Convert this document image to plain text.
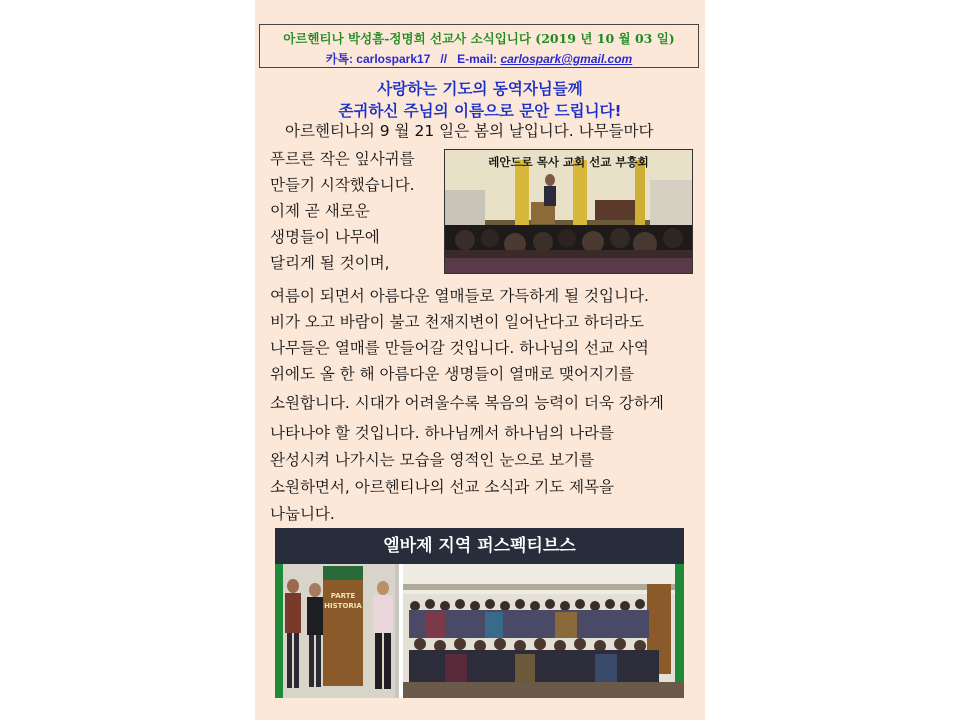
아르헨티나 박성흠-정명희 선교사 소식입니다 (2019 년 10 월 03 일)
카톡: carlospark17 // E-mail: carlospark@gmail.com
사랑하는 기도의 동역자님들께
존귀하신 주님의 이름으로 문안 드립니다!
아르헨티나의 9 월 21 일은 봄의 날입니다. 나무들마다
푸르른 작은 잎사귀를
만들기 시작했습니다.
이제 곧 새로운
생명들이 나무에
달리게 될 것이며,
여름이 되면서 아름다운 열매들로 가득하게 될 것입니다.
비가 오고 바람이 불고 천재지변이 일어난다고 하더라도
나무들은 열매를 만들어갈 것입니다. 하나님의 선교 사역
위에도 올 한 해 아름다운 생명들이 열매로 맺어지기를
소원합니다. 시대가 어려울수록 복음의 능력이 더욱 강하게
나타나야 할 것입니다. 하나님께서 하나님의 나라를
완성시켜 나가시는 모습을 영적인 눈으로 보기를
소원하면서, 아르헨티나의 선교 소식과 기도 제목을
나눕니다.
레안드로 목사 교회 선교 부흥회
엘바제 지역 퍼스펙티브스
PARTE
HISTORIA
